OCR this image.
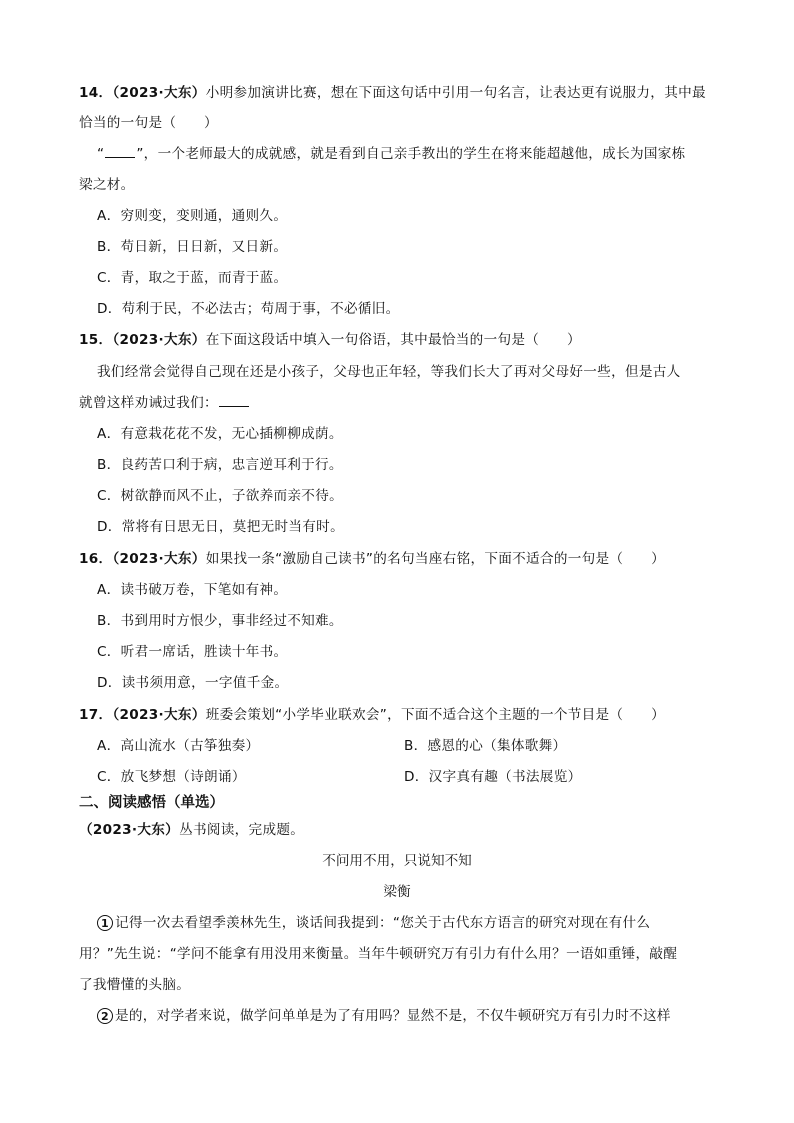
14．（2023·大东）小明参加演讲比赛，想在下面这句话中引用一句名言，让表达更有说服力，其中最
恰当的一句是（　　）
“ ”，一个老师最大的成就感，就是看到自己亲手教出的学生在将来能超越他，成长为国家栋
梁之材。
A．穷则变，变则通，通则久。
B．苟日新，日日新，又日新。
C．青，取之于蓝，而青于蓝。
D．苟利于民，不必法古；苟周于事，不必循旧。
15．（2023·大东）在下面这段话中填入一句俗语，其中最恰当的一句是（　　）
我们经常会觉得自己现在还是小孩子，父母也正年轻，等我们长大了再对父母好一些，但是古人
就曾这样劝诫过我们：
A．有意栽花花不发，无心插柳柳成荫。
B．良药苦口利于病，忠言逆耳利于行。
C．树欲静而风不止，子欲养而亲不待。
D．常将有日思无日，莫把无时当有时。
16．（2023·大东）如果找一条“激励自己读书”的名句当座右铭，下面不适合的一句是（　　）
A．读书破万卷，下笔如有神。
B．书到用时方恨少，事非经过不知难。
C．听君一席话，胜读十年书。
D．读书须用意，一字值千金。
17．（2023·大东）班委会策划“小学毕业联欢会”，下面不适合这个主题的一个节目是（　　）
A．高山流水（古筝独奏）	B．感恩的心（集体歌舞）
C．放飞梦想（诗朗诵）	D．汉字真有趣（书法展览）
二、阅读感悟（单选）
（2023·大东）丛书阅读，完成题。
不问用不用，只说知不知
梁衡
1 记得一次去看望季羡林先生，谈话间我提到：“您关于古代东方语言的研究对现在有什么
用？”先生说：“学问不能拿有用没用来衡量。当年牛顿研究万有引力有什么用？一语如重锤，敲醒
了我懵懂的头脑。
2 是的，对学者来说，做学问单单是为了有用吗？显然不是，不仅牛顿研究万有引力时不这样
